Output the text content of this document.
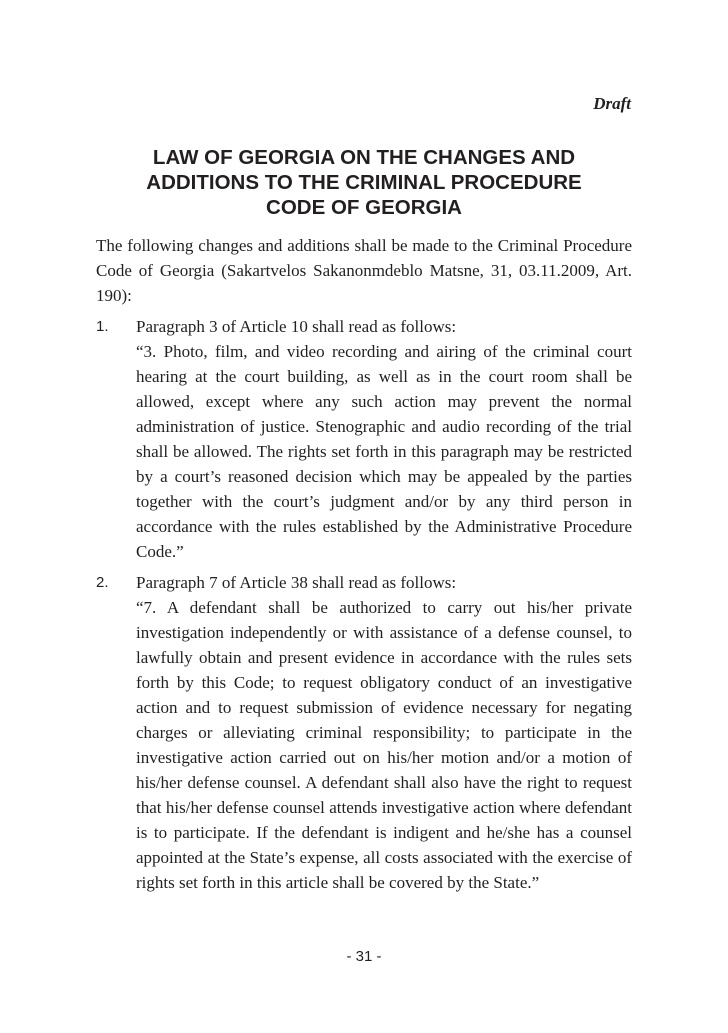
Draft
LAW OF GEORGIA ON THE CHANGES AND
ADDITIONS TO THE CRIMINAL PROCEDURE
CODE OF GEORGIA

The following changes and additions shall be made to the Criminal Procedure Code of Georgia (Sakartvelos Sakanonmdeblo Matsne, 31, 03.11.2009, Art. 190):

1. Paragraph 3 of Article 10 shall read as follows:

“3. Photo, film, and video recording and airing of the criminal court hearing at the court building, as well as in the court room shall be allowed, except where any such action may prevent the normal administration of justice. Stenographic and audio recording of the trial shall be allowed. The rights set forth in this paragraph may be restricted by a court’s reasoned decision which may be appealed by the parties together with the court’s judgment and/or by any third person in accordance with the rules established by the Administrative Procedure Code.”

2. Paragraph 7 of Article 38 shall read as follows:

“7. A defendant shall be authorized to carry out his/her private investigation independently or with assistance of a defense counsel, to lawfully obtain and present evidence in accordance with the rules sets forth by this Code; to request obligatory conduct of an investigative action and to request submission of evidence necessary for negating charges or alleviating criminal responsibility; to participate in the investigative action carried out on his/her motion and/or a motion of his/her defense counsel. A defendant shall also have the right to request that his/her defense counsel attends investigative action where defendant is to participate. If the defendant is indigent and he/she has a counsel appointed at the State’s expense, all costs associated with the exercise of rights set forth in this article shall be covered by the State.”

- 31 -
